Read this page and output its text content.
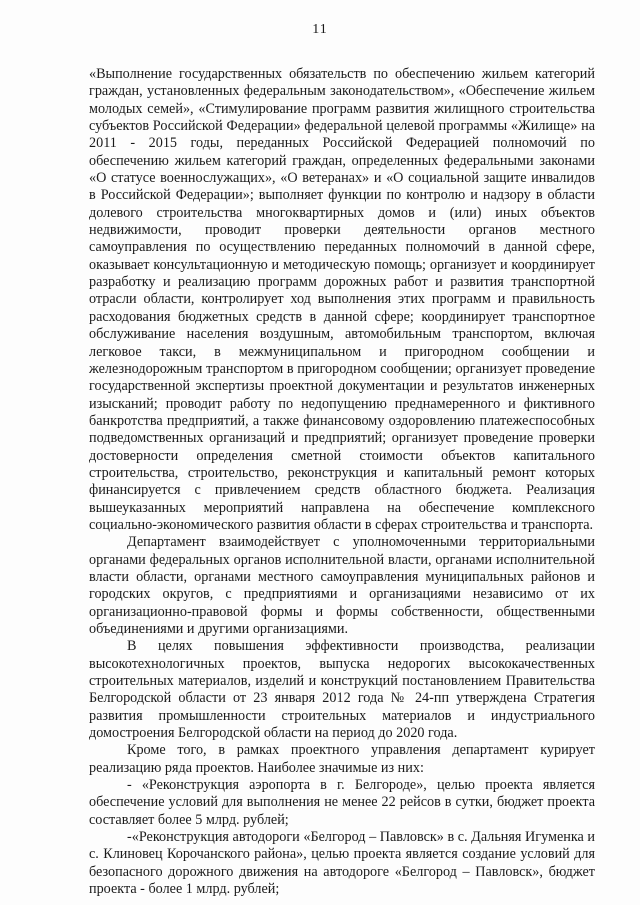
11

«Выполнение государственных обязательств по обеспечению жильем категорий граждан, установленных федеральным законодательством», «Обеспечение жильем молодых семей», «Стимулирование программ развития жилищного строительства субъектов Российской Федерации» федеральной целевой программы «Жилище» на 2011 - 2015 годы, переданных Российской Федерацией полномочий по обеспечению жильем категорий граждан, определенных федеральными законами «О статусе военнослужащих», «О ветеранах» и «О социальной защите инвалидов в Российской Федерации»; выполняет функции по контролю и надзору в области долевого строительства многоквартирных домов и (или) иных объектов недвижимости, проводит проверки деятельности органов местного самоуправления по осуществлению переданных полномочий в данной сфере, оказывает консультационную и методическую помощь; организует и координирует разработку и реализацию программ дорожных работ и развития транспортной отрасли области, контролирует ход выполнения этих программ и правильность расходования бюджетных средств в данной сфере; координирует транспортное обслуживание населения воздушным, автомобильным транспортом, включая легковое такси, в межмуниципальном и пригородном сообщении и железнодорожным транспортом в пригородном сообщении; организует проведение государственной экспертизы проектной документации и результатов инженерных изысканий; проводит работу по недопущению преднамеренного и фиктивного банкротства предприятий, а также финансовому оздоровлению платежеспособных подведомственных организаций и предприятий; организует проведение проверки достоверности определения сметной стоимости объектов капитального строительства, строительство, реконструкция и капитальный ремонт которых финансируется с привлечением средств областного бюджета. Реализация вышеуказанных мероприятий направлена на обеспечение комплексного социально-экономического развития области в сферах строительства и транспорта.

Департамент взаимодействует с уполномоченными территориальными органами федеральных органов исполнительной власти, органами исполнительной власти области, органами местного самоуправления муниципальных районов и городских округов, с предприятиями и организациями независимо от их организационно-правовой формы и формы собственности, общественными объединениями и другими организациями.

В целях повышения эффективности производства, реализации высокотехнологичных проектов, выпуска недорогих высококачественных строительных материалов, изделий и конструкций постановлением Правительства Белгородской области от 23 января 2012 года № 24-пп утверждена Стратегия развития промышленности строительных материалов и индустриального домостроения Белгородской области на период до 2020 года.

Кроме того, в рамках проектного управления департамент курирует реализацию ряда проектов. Наиболее значимые из них:

- «Реконструкция аэропорта в г. Белгороде», целью проекта является обеспечение условий для выполнения не менее 22 рейсов в сутки, бюджет проекта составляет более 5 млрд. рублей;

-«Реконструкция автодороги «Белгород – Павловск» в с. Дальняя Игуменка и с. Клиновец Корочанского района», целью проекта является создание условий для безопасного дорожного движения на автодороге «Белгород – Павловск», бюджет проекта - более 1 млрд. рублей;
